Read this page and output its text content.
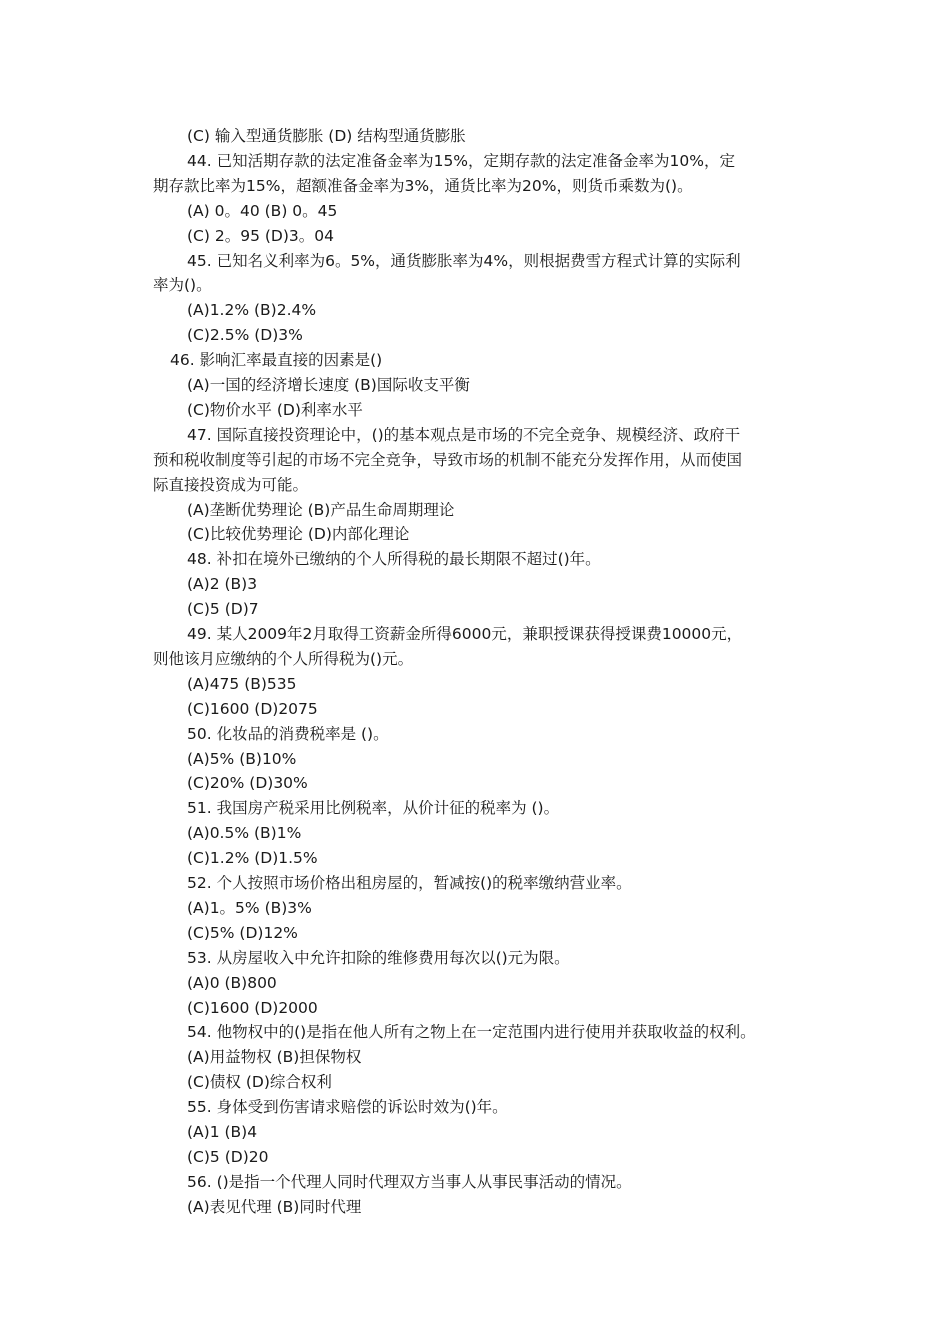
(C) 输入型通货膨胀 (D) 结构型通货膨胀
44. 已知活期存款的法定准备金率为15%，定期存款的法定准备金率为10%，定
期存款比率为15%，超额准备金率为3%，通货比率为20%，则货币乘数为()。
(A) 0。40 (B) 0。45
(C) 2。95 (D)3。04
45. 已知名义利率为6。5%，通货膨胀率为4%，则根据费雪方程式计算的实际利
率为()。
(A)1.2% (B)2.4%
(C)2.5% (D)3%
46. 影响汇率最直接的因素是()
(A)一国的经济增长速度 (B)国际收支平衡
(C)物价水平 (D)利率水平
47. 国际直接投资理论中，()的基本观点是市场的不完全竞争、规模经济、政府干
预和税收制度等引起的市场不完全竞争，导致市场的机制不能充分发挥作用，从而使国
际直接投资成为可能。
(A)垄断优势理论 (B)产品生命周期理论
(C)比较优势理论 (D)内部化理论
48. 补扣在境外已缴纳的个人所得税的最长期限不超过()年。
(A)2 (B)3
(C)5 (D)7
49. 某人2009年2月取得工资薪金所得6000元，兼职授课获得授课费10000元，
则他该月应缴纳的个人所得税为()元。
(A)475 (B)535
(C)1600 (D)2075
50. 化妆品的消费税率是 ()。
(A)5% (B)10%
(C)20% (D)30%
51. 我国房产税采用比例税率，从价计征的税率为 ()。
(A)0.5% (B)1%
(C)1.2% (D)1.5%
52. 个人按照市场价格出租房屋的，暂减按()的税率缴纳营业率。
(A)1。5% (B)3%
(C)5% (D)12%
53. 从房屋收入中允许扣除的维修费用每次以()元为限。
(A)0 (B)800
(C)1600 (D)2000
54. 他物权中的()是指在他人所有之物上在一定范围内进行使用并获取收益的权利。
(A)用益物权 (B)担保物权
(C)债权 (D)综合权利
55. 身体受到伤害请求赔偿的诉讼时效为()年。
(A)1 (B)4
(C)5 (D)20
56. ()是指一个代理人同时代理双方当事人从事民事活动的情况。
(A)表见代理 (B)同时代理
